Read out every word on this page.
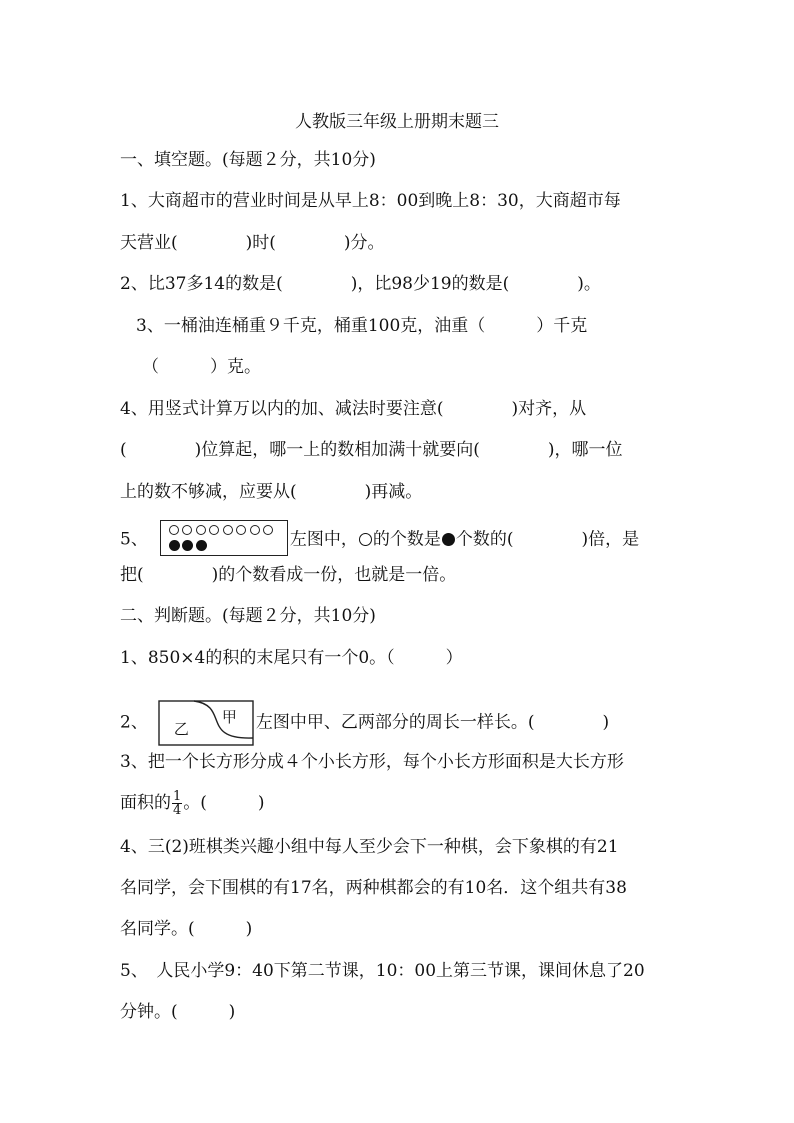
人教版三年级上册期末题三
一、填空题。(每题２分，共10分)
1、大商超市的营业时间是从早上8：00到晚上8：30，大商超市每
天营业(　　　　)时(　　　　)分。
2、比37多14的数是(　　　　)，比98少19的数是(　　　　)。
3、一桶油连桶重９千克，桶重100克，油重（　　　）千克
（　　　）克。
4、用竖式计算万以内的加、减法时要注意(　　　　)对齐，从
(　　　　)位算起，哪一上的数相加满十就要向(　　　　)，哪一位
上的数不够减，应要从(　　　　)再减。
5、	左图中， 的个数是 个数的(　　　　)倍，是
把(　　　　)的个数看成一份，也就是一倍。
二、判断题。(每题２分，共10分)
1、850×4的积的末尾只有一个0。（　　　）
2、 乙
甲 左图中甲、乙两部分的周长一样长。(　　　　)
3、把一个长方形分成４个小长方形，每个小长方形面积是大长方形
面积的 $\frac{1}{4}$ 。(　　　)
4、三(2)班棋类兴趣小组中每人至少会下一种棋，会下象棋的有21
名同学，会下围棋的有17名，两种棋都会的有10名．这个组共有38
名同学。(　　　)
5、　人民小学9：40下第二节课，10：00上第三节课，课间休息了20
分钟。(　　　)
